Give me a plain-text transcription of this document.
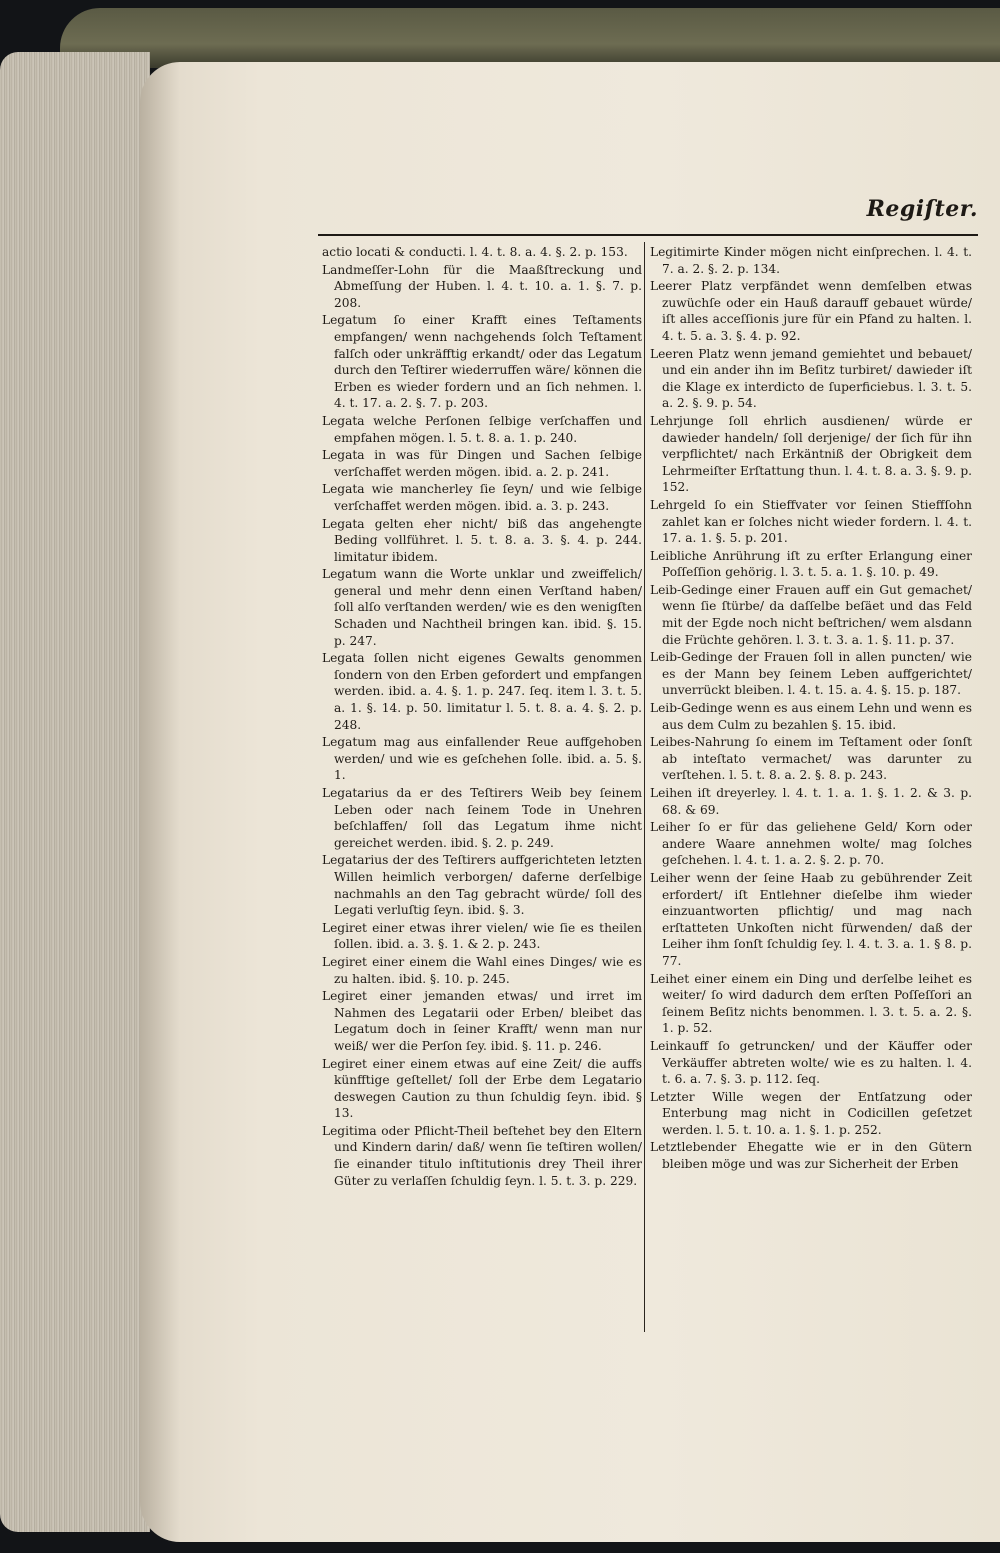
Regiſter.

actio locati & conducti. l. 4. t. 8. a. 4. §. 2. p. 153.

Landmeſſer-Lohn für die Maaßſtreckung und Abmeſſung der Huben. l. 4. t. 10. a. 1. §. 7. p. 208.

Legatum ſo einer Krafft eines Teſtaments empfangen/ wenn nachgehends ſolch Teſtament falſch oder unkräfftig erkandt/ oder das Legatum durch den Teſtirer wiederruffen wäre/ können die Erben es wieder fordern und an ſich nehmen. l. 4. t. 17. a. 2. §. 7. p. 203.

Legata welche Perſonen ſelbige verſchaffen und empfahen mögen. l. 5. t. 8. a. 1. p. 240.

Legata in was für Dingen und Sachen ſelbige verſchaffet werden mögen. ibid. a. 2. p. 241.

Legata wie mancherley ſie ſeyn/ und wie ſelbige verſchaffet werden mögen. ibid. a. 3. p. 243.

Legata gelten eher nicht/ biß das angehengte Beding vollführet. l. 5. t. 8. a. 3. §. 4. p. 244. limitatur ibidem.

Legatum wann die Worte unklar und zweiffelich/ general und mehr denn einen Verſtand haben/ ſoll alſo verſtanden werden/ wie es den wenigſten Schaden und Nachtheil bringen kan. ibid. §. 15. p. 247.

Legata ſollen nicht eigenes Gewalts genommen ſondern von den Erben gefordert und empfangen werden. ibid. a. 4. §. 1. p. 247. ſeq. item l. 3. t. 5. a. 1. §. 14. p. 50. limitatur l. 5. t. 8. a. 4. §. 2. p. 248.

Legatum mag aus einfallender Reue auffgehoben werden/ und wie es geſchehen ſolle. ibid. a. 5. §. 1.

Legatarius da er des Teſtirers Weib bey ſeinem Leben oder nach ſeinem Tode in Unehren beſchlaffen/ ſoll das Legatum ihme nicht gereichet werden. ibid. §. 2. p. 249.

Legatarius der des Teſtirers auffgerichteten letzten Willen heimlich verborgen/ daferne derſelbige nachmahls an den Tag gebracht würde/ ſoll des Legati verluſtig ſeyn. ibid. §. 3.

Legiret einer etwas ihrer vielen/ wie ſie es theilen ſollen. ibid. a. 3. §. 1. & 2. p. 243.

Legiret einer einem die Wahl eines Dinges/ wie es zu halten. ibid. §. 10. p. 245.

Legiret einer jemanden etwas/ und irret im Nahmen des Legatarii oder Erben/ bleibet das Legatum doch in ſeiner Krafft/ wenn man nur weiß/ wer die Perſon ſey. ibid. §. 11. p. 246.

Legiret einer einem etwas auf eine Zeit/ die auffs künfftige geſtellet/ ſoll der Erbe dem Legatario deswegen Caution zu thun ſchuldig ſeyn. ibid. § 13.

Legitima oder Pflicht-Theil beſtehet bey den Eltern und Kindern darin/ daß/ wenn ſie teſtiren wollen/ ſie einander titulo inſtitutionis drey Theil ihrer Güter zu verlaſſen ſchuldig ſeyn. l. 5. t. 3. p. 229.

Legitimirte Kinder mögen nicht einſprechen. l. 4. t. 7. a. 2. §. 2. p. 134.

Leerer Platz verpfändet wenn demſelben etwas zuwüchſe oder ein Hauß darauff gebauet würde/ iſt alles acceſſionis jure für ein Pfand zu halten. l. 4. t. 5. a. 3. §. 4. p. 92.

Leeren Platz wenn jemand gemiehtet und bebauet/ und ein ander ihn im Beſitz turbiret/ dawieder iſt die Klage ex interdicto de ſuperficiebus. l. 3. t. 5. a. 2. §. 9. p. 54.

Lehrjunge ſoll ehrlich ausdienen/ würde er dawieder handeln/ ſoll derjenige/ der ſich für ihn verpflichtet/ nach Erkäntniß der Obrigkeit dem Lehrmeiſter Erſtattung thun. l. 4. t. 8. a. 3. §. 9. p. 152.

Lehrgeld ſo ein Stieffvater vor ſeinen Stieffſohn zahlet kan er ſolches nicht wieder fordern. l. 4. t. 17. a. 1. §. 5. p. 201.

Leibliche Anrührung iſt zu erſter Erlangung einer Poſſeſſion gehörig. l. 3. t. 5. a. 1. §. 10. p. 49.

Leib-Gedinge einer Frauen auff ein Gut gemachet/ wenn ſie ſtürbe/ da daſſelbe beſäet und das Feld mit der Egde noch nicht beſtrichen/ wem alsdann die Früchte gehören. l. 3. t. 3. a. 1. §. 11. p. 37.

Leib-Gedinge der Frauen ſoll in allen puncten/ wie es der Mann bey ſeinem Leben auffgerichtet/ unverrückt bleiben. l. 4. t. 15. a. 4. §. 15. p. 187.

Leib-Gedinge wenn es aus einem Lehn und wenn es aus dem Culm zu bezahlen §. 15. ibid.

Leibes-Nahrung ſo einem im Teſtament oder ſonſt ab inteſtato vermachet/ was darunter zu verſtehen. l. 5. t. 8. a. 2. §. 8. p. 243.

Leihen iſt dreyerley. l. 4. t. 1. a. 1. §. 1. 2. & 3. p. 68. & 69.

Leiher ſo er für das geliehene Geld/ Korn oder andere Waare annehmen wolte/ mag ſolches geſchehen. l. 4. t. 1. a. 2. §. 2. p. 70.

Leiher wenn der ſeine Haab zu gebührender Zeit erfordert/ iſt Entlehner dieſelbe ihm wieder einzuantworten pflichtig/ und mag nach erſtatteten Unkoſten nicht fürwenden/ daß der Leiher ihm ſonſt ſchuldig ſey. l. 4. t. 3. a. 1. § 8. p. 77.

Leihet einer einem ein Ding und derſelbe leihet es weiter/ ſo wird dadurch dem erſten Poſſeſſori an ſeinem Beſitz nichts benommen. l. 3. t. 5. a. 2. §. 1. p. 52.

Leinkauff ſo getruncken/ und der Käuffer oder Verkäuffer abtreten wolte/ wie es zu halten. l. 4. t. 6. a. 7. §. 3. p. 112. ſeq.

Letzter Wille wegen der Entſatzung oder Enterbung mag nicht in Codicillen geſetzet werden. l. 5. t. 10. a. 1. §. 1. p. 252.

Letztlebender Ehegatte wie er in den Gütern bleiben möge und was zur Sicherheit der Erben
